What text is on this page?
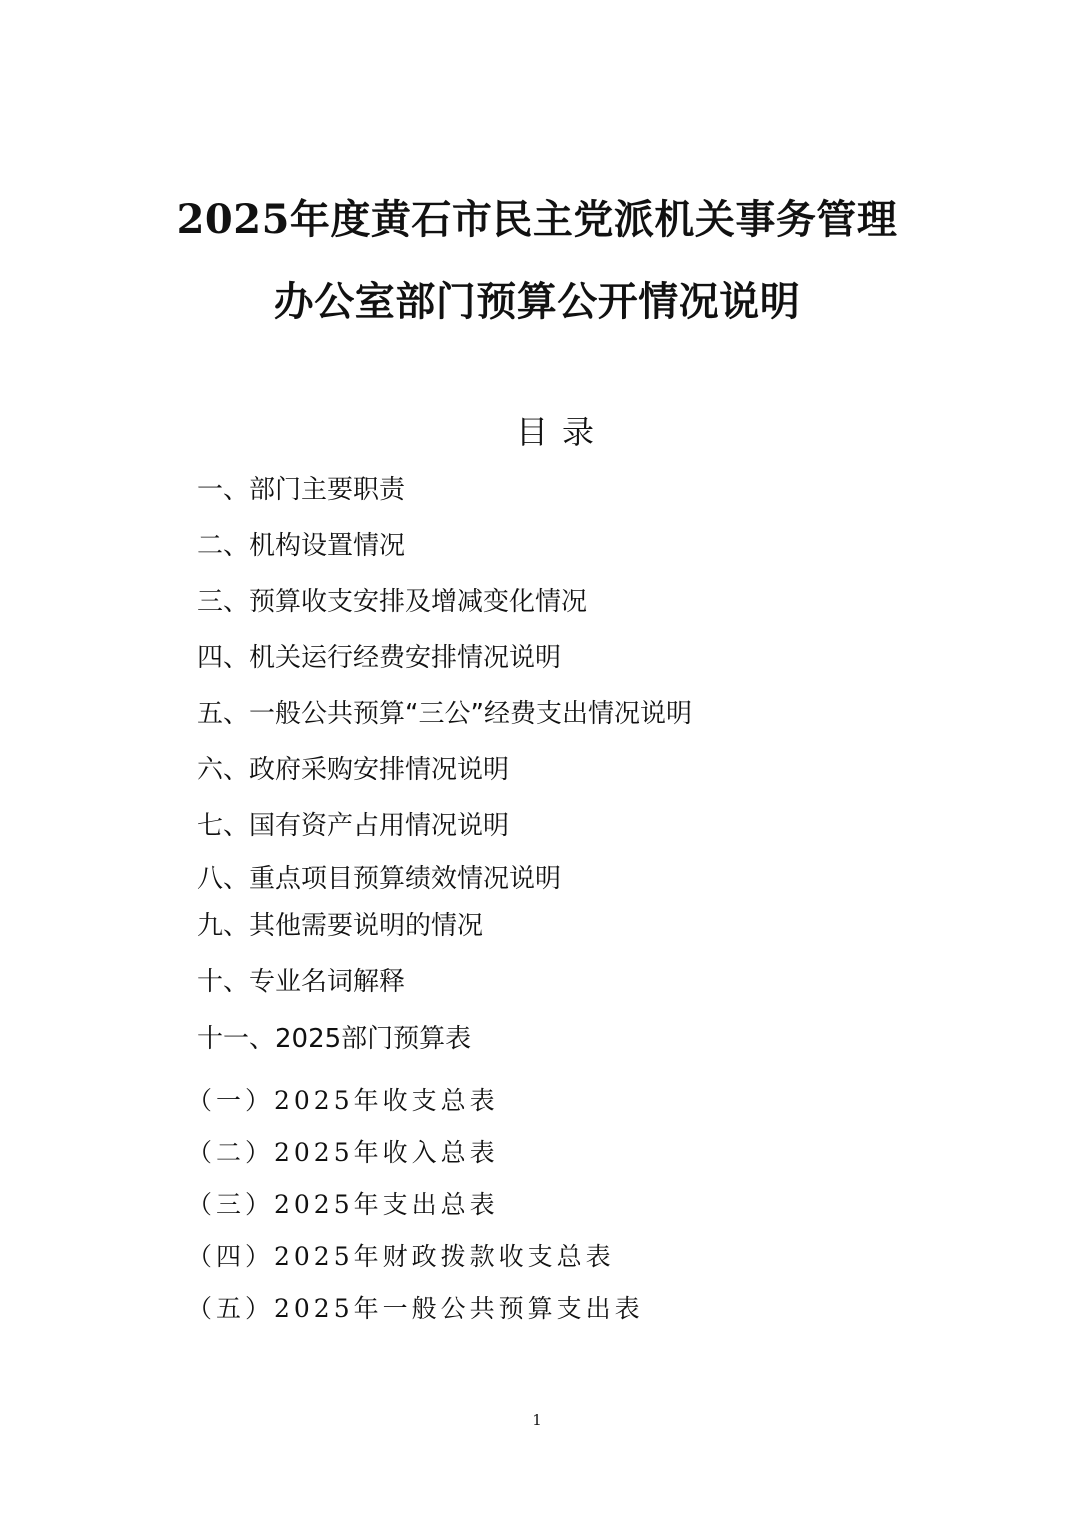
2025年度黄石市民主党派机关事务管理
办公室部门预算公开情况说明
目录
一、部门主要职责
二、机构设置情况
三、预算收支安排及增减变化情况
四、机关运行经费安排情况说明
五、一般公共预算“三公”经费支出情况说明
六、政府采购安排情况说明
七、国有资产占用情况说明
八、重点项目预算绩效情况说明
九、其他需要说明的情况
十、专业名词解释
十一、2025部门预算表
（一）2025年收支总表
（二）2025年收入总表
（三）2025年支出总表
（四）2025年财政拨款收支总表
（五）2025年一般公共预算支出表
1
